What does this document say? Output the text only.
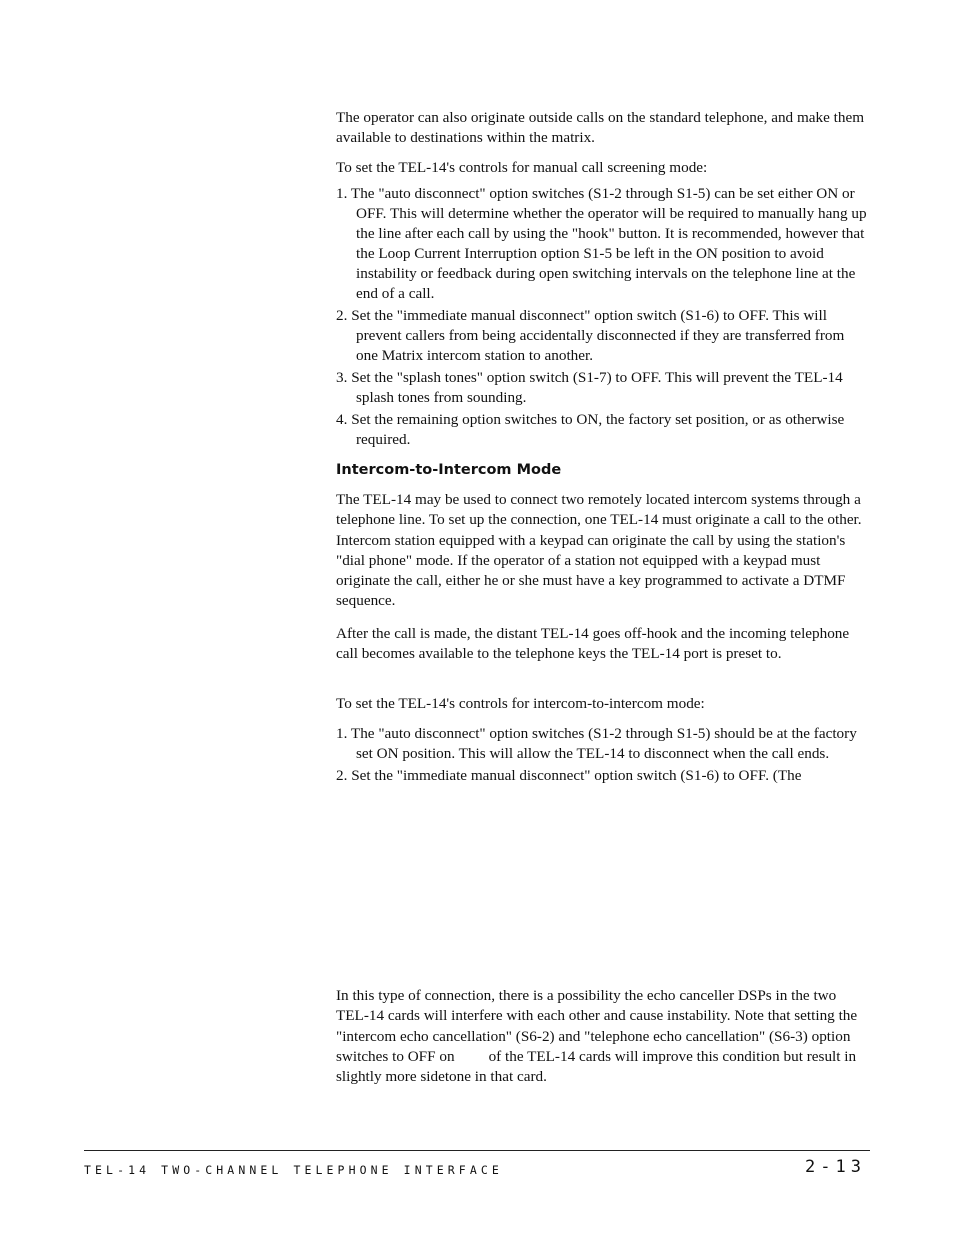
The operator can also originate outside calls on the standard telephone, and make them available to destinations within the matrix.

To set the TEL-14's controls for manual call screening mode:

1. The "auto disconnect" option switches (S1-2 through S1-5) can be set either ON or OFF. This will determine whether the operator will be required to manually hang up the line after each call by using the "hook" button. It is recommended, however that the Loop Current Interruption option S1-5 be left in the ON position to avoid instability or feedback during open switching intervals on the telephone line at the end of a call.

2. Set the "immediate manual disconnect" option switch (S1-6) to OFF. This will prevent callers from being accidentally disconnected if they are transferred from one Matrix intercom station to another.

3. Set the "splash tones" option switch (S1-7) to OFF. This will prevent the TEL-14 splash tones from sounding.

4. Set the remaining option switches to ON, the factory set position, or as otherwise required.

Intercom-to-Intercom Mode

The TEL-14 may be used to connect two remotely located intercom systems through a telephone line. To set up the connection, one TEL-14 must originate a call to the other. Intercom station equipped with a keypad can originate the call by using the station's "dial phone" mode. If the operator of a station not equipped with a keypad must originate the call, either he or she must have a key programmed to activate a DTMF sequence.

After the call is made, the distant TEL-14 goes off-hook and the incoming telephone call becomes available to the telephone keys the TEL-14 port is preset to.

To set the TEL-14's controls for intercom-to-intercom mode:

1. The "auto disconnect" option switches (S1-2 through S1-5) should be at the factory set ON position. This will allow the TEL-14 to disconnect when the call ends.

2. Set the "immediate manual disconnect" option switch (S1-6) to OFF. (The

In this type of connection, there is a possibility the echo canceller DSPs in the two TEL-14 cards will interfere with each other and cause instability. Note that setting the "intercom echo cancellation" (S6-2) and "telephone echo cancellation" (S6-3) option switches to OFF on of the TEL-14 cards will improve this condition but result in slightly more sidetone in that card.

TEL-14 TWO-CHANNEL TELEPHONE INTERFACE	2-13
